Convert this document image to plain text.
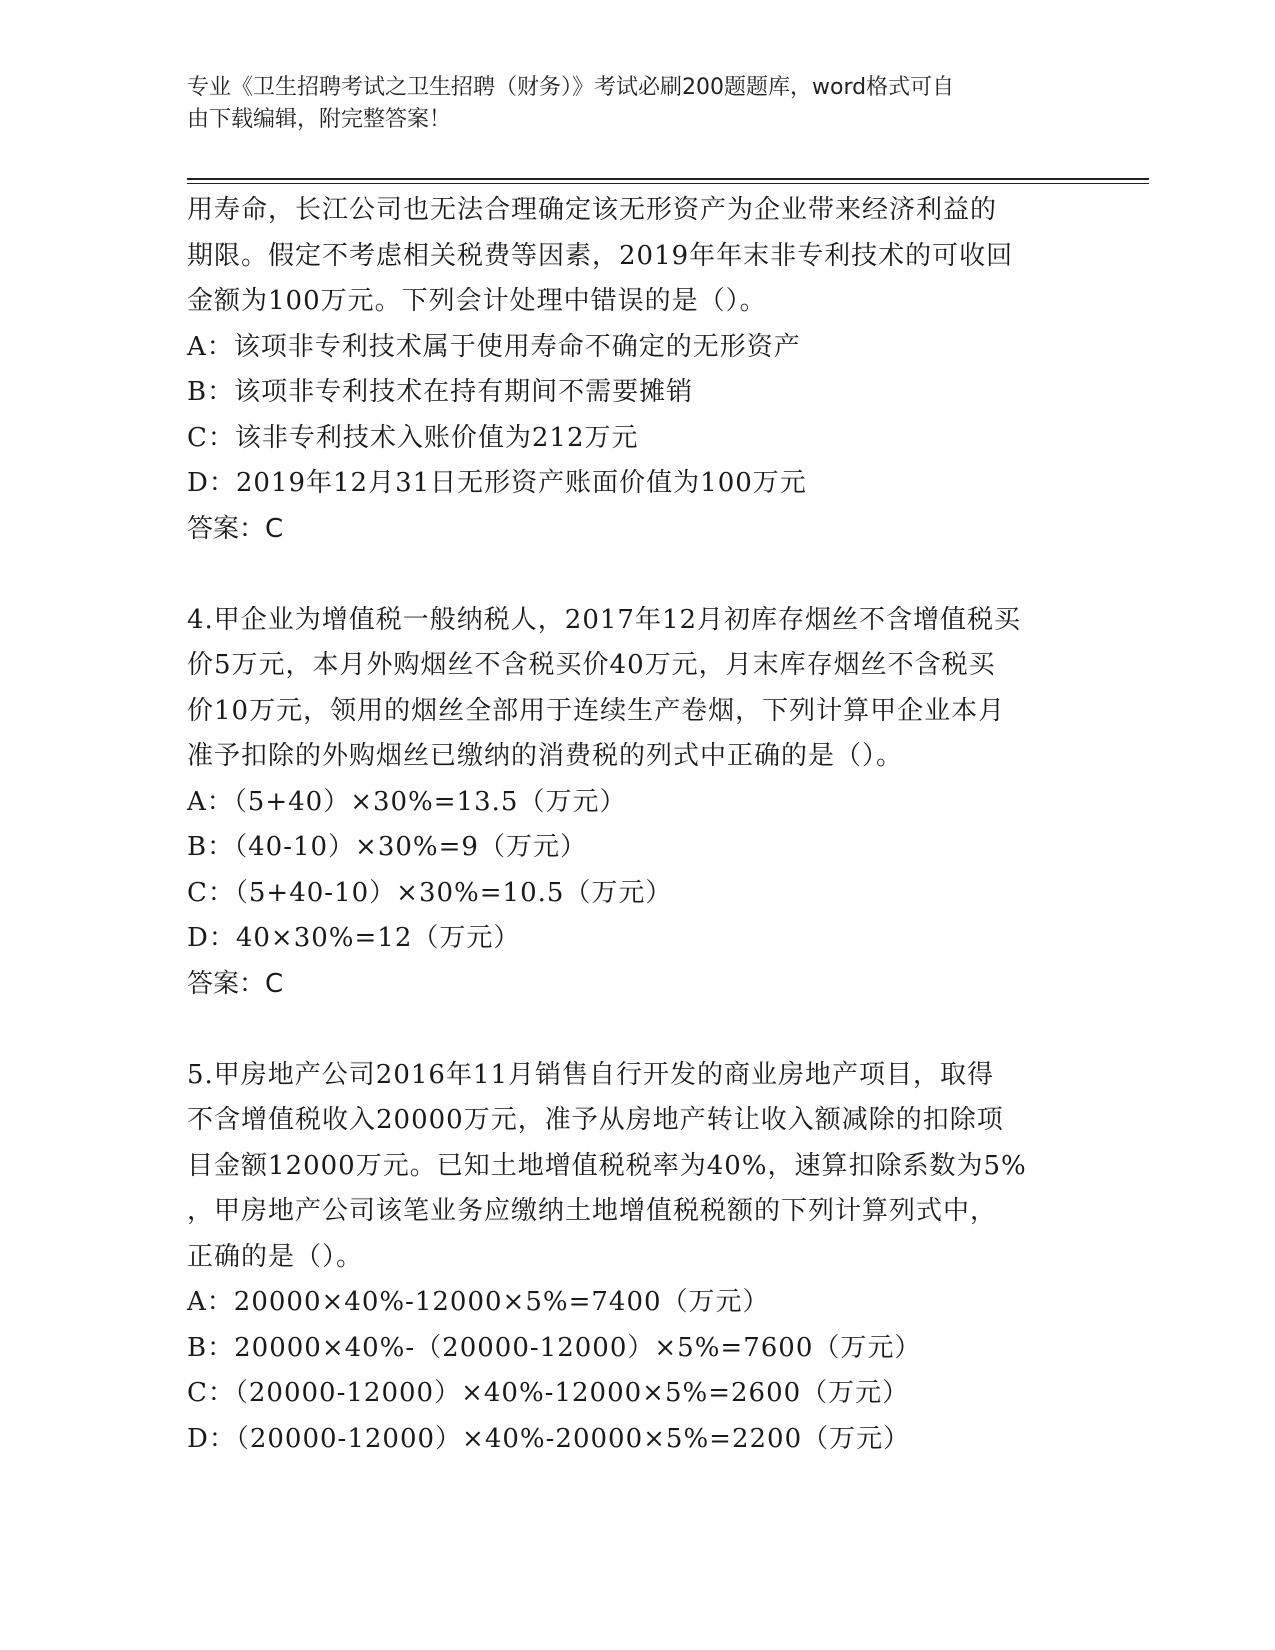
专业《卫生招聘考试之卫生招聘（财务）》考试必刷200题题库，word格式可自
由下载编辑，附完整答案！
用寿命，长江公司也无法合理确定该无形资产为企业带来经济利益的
期限。假定不考虑相关税费等因素，2019年年末非专利技术的可收回
金额为100万元。下列会计处理中错误的是（）。
A：该项非专利技术属于使用寿命不确定的无形资产
B：该项非专利技术在持有期间不需要摊销
C：该非专利技术入账价值为212万元
D：2019年12月31日无形资产账面价值为100万元
答案：C
4.甲企业为增值税一般纳税人，2017年12月初库存烟丝不含增值税买
价5万元，本月外购烟丝不含税买价40万元，月末库存烟丝不含税买
价10万元，领用的烟丝全部用于连续生产卷烟，下列计算甲企业本月
准予扣除的外购烟丝已缴纳的消费税的列式中正确的是（）。
A：（5+40）×30%=13.5（万元）
B：（40-10）×30%=9（万元）
C：（5+40-10）×30%=10.5（万元）
D：40×30%=12（万元）
答案：C
5.甲房地产公司2016年11月销售自行开发的商业房地产项目，取得
不含增值税收入20000万元，准予从房地产转让收入额减除的扣除项
目金额12000万元。已知土地增值税税率为40%，速算扣除系数为5%
，甲房地产公司该笔业务应缴纳土地增值税税额的下列计算列式中，
正确的是（）。
A：20000×40%-12000×5%=7400（万元）
B：20000×40%-（20000-12000）×5%=7600（万元）
C：（20000-12000）×40%-12000×5%=2600（万元）
D：（20000-12000）×40%-20000×5%=2200（万元）
